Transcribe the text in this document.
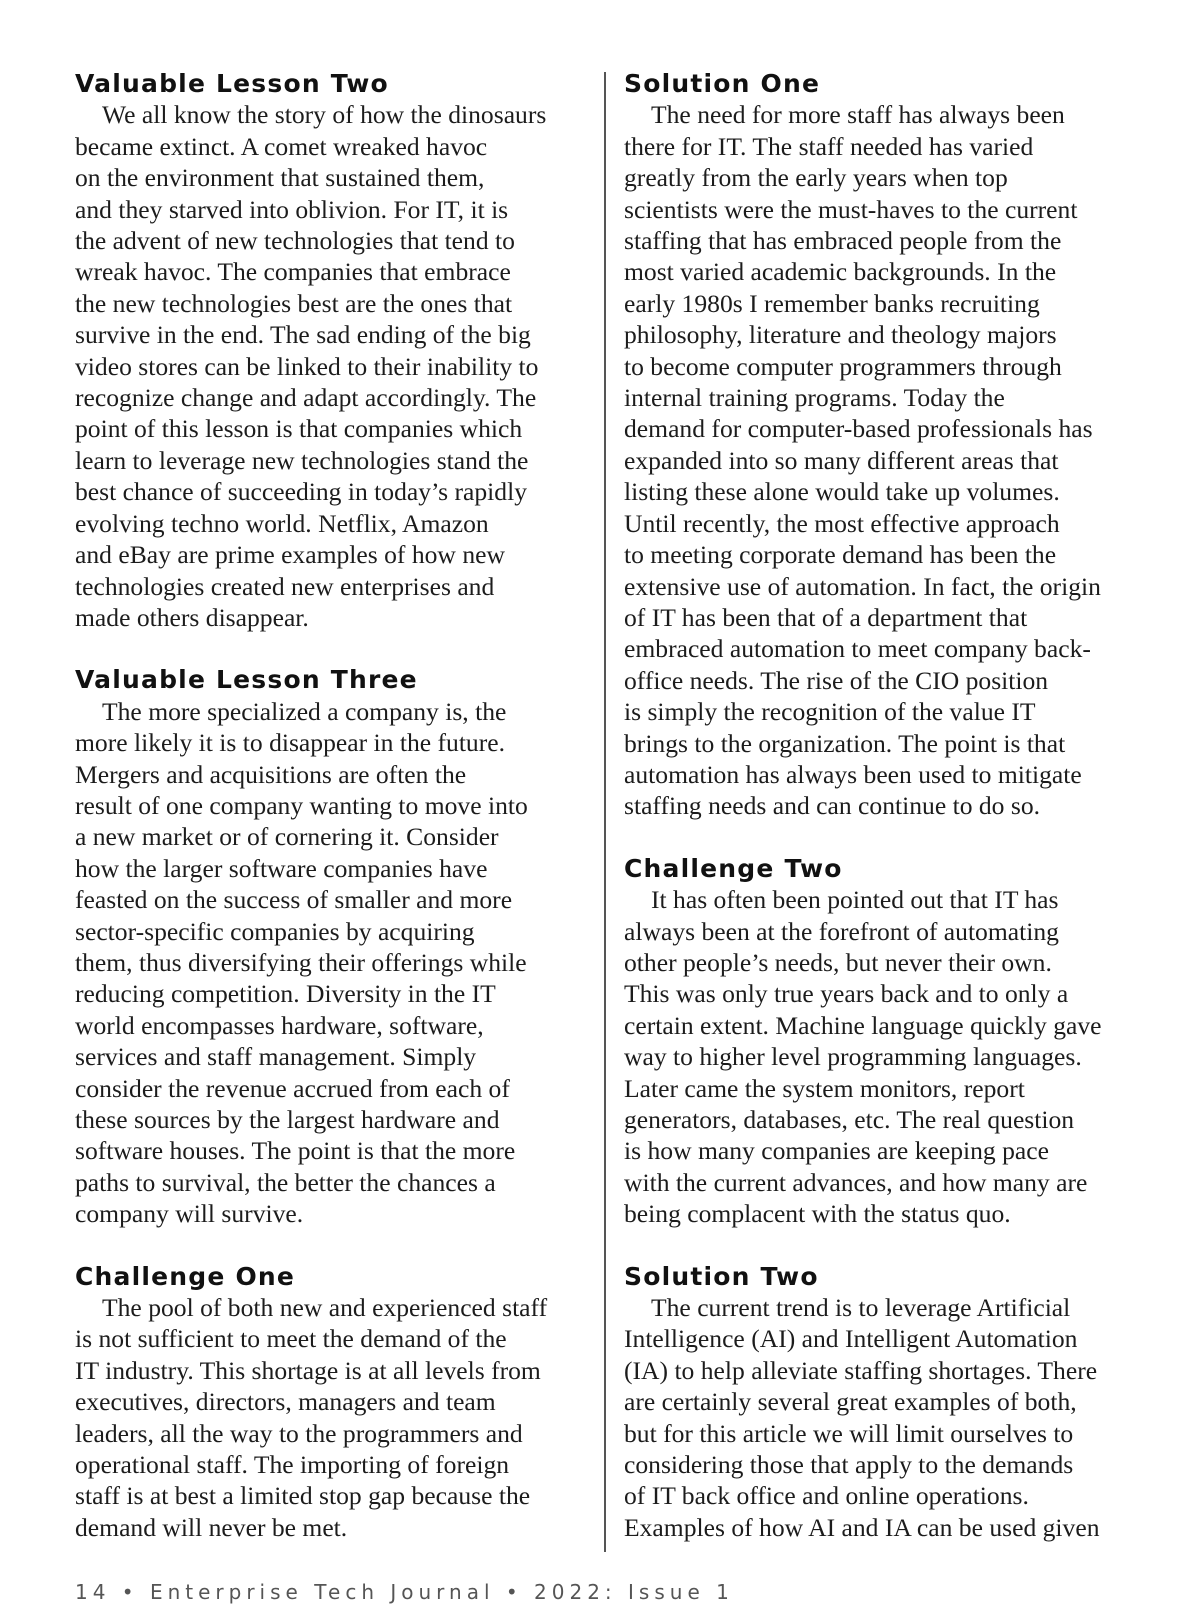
Valuable Lesson Two
We all know the story of how the dinosaurs
became extinct. A comet wreaked havoc
on the environment that sustained them,
and they starved into oblivion. For IT, it is
the advent of new technologies that tend to
wreak havoc. The companies that embrace
the new technologies best are the ones that
survive in the end. The sad ending of the big
video stores can be linked to their inability to
recognize change and adapt accordingly. The
point of this lesson is that companies which
learn to leverage new technologies stand the
best chance of succeeding in today’s rapidly
evolving techno world. Netflix, Amazon
and eBay are prime examples of how new
technologies created new enterprises and
made others disappear.
Valuable Lesson Three
The more specialized a company is, the
more likely it is to disappear in the future.
Mergers and acquisitions are often the
result of one company wanting to move into
a new market or of cornering it. Consider
how the larger software companies have
feasted on the success of smaller and more
sector-specific companies by acquiring
them, thus diversifying their offerings while
reducing competition. Diversity in the IT
world encompasses hardware, software,
services and staff management. Simply
consider the revenue accrued from each of
these sources by the largest hardware and
software houses. The point is that the more
paths to survival, the better the chances a
company will survive.
Challenge One
The pool of both new and experienced staff
is not sufficient to meet the demand of the
IT industry. This shortage is at all levels from
executives, directors, managers and team
leaders, all the way to the programmers and
operational staff. The importing of foreign
staff is at best a limited stop gap because the
demand will never be met.
Solution One
The need for more staff has always been
there for IT. The staff needed has varied
greatly from the early years when top
scientists were the must-haves to the current
staffing that has embraced people from the
most varied academic backgrounds. In the
early 1980s I remember banks recruiting
philosophy, literature and theology majors
to become computer programmers through
internal training programs. Today the
demand for computer-based professionals has
expanded into so many different areas that
listing these alone would take up volumes.
Until recently, the most effective approach
to meeting corporate demand has been the
extensive use of automation. In fact, the origin
of IT has been that of a department that
embraced automation to meet company back-
office needs. The rise of the CIO position
is simply the recognition of the value IT
brings to the organization. The point is that
automation has always been used to mitigate
staffing needs and can continue to do so.
Challenge Two
It has often been pointed out that IT has
always been at the forefront of automating
other people’s needs, but never their own.
This was only true years back and to only a
certain extent. Machine language quickly gave
way to higher level programming languages.
Later came the system monitors, report
generators, databases, etc. The real question
is how many companies are keeping pace
with the current advances, and how many are
being complacent with the status quo.
Solution Two
The current trend is to leverage Artificial
Intelligence (AI) and Intelligent Automation
(IA) to help alleviate staffing shortages. There
are certainly several great examples of both,
but for this article we will limit ourselves to
considering those that apply to the demands
of IT back office and online operations.
Examples of how AI and IA can be used given
14 • Enterprise Tech Journal • 2022: Issue 1
